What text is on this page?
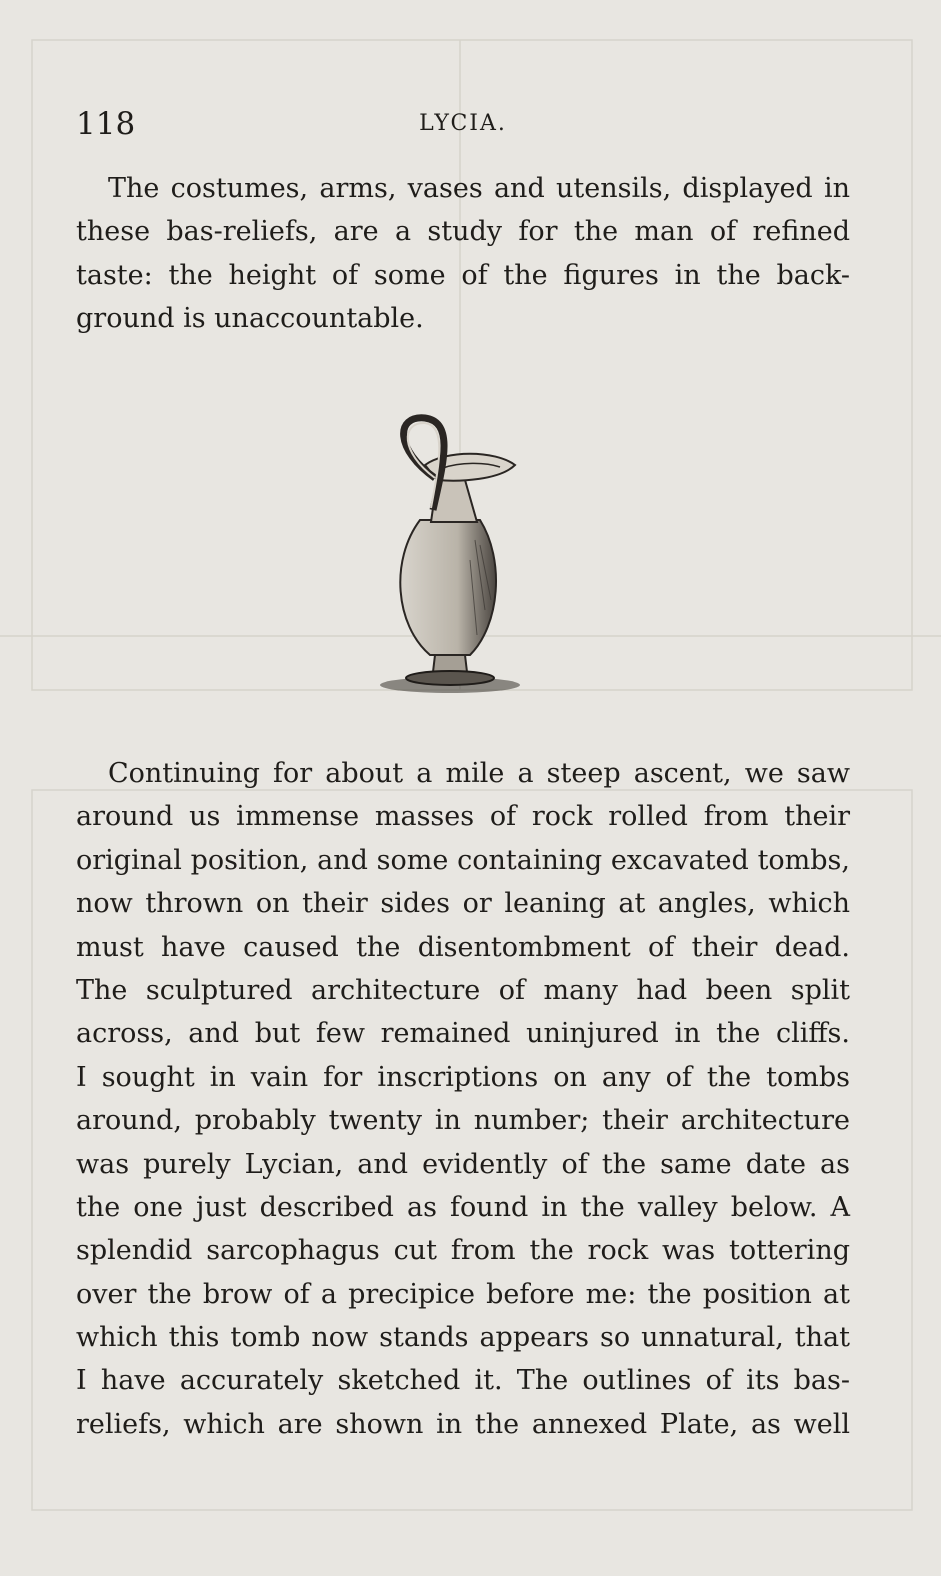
118	LYCIA.
The costumes, arms, vases and utensils, displayed in
these bas-reliefs, are a study for the man of refined
taste: the height of some of the figures in the back-
ground is unaccountable.
Continuing for about a mile a steep ascent, we saw
around us immense masses of rock rolled from their
original position, and some containing excavated tombs,
now thrown on their sides or leaning at angles, which
must have caused the disentombment of their dead.
The sculptured architecture of many had been split
across, and but few remained uninjured in the cliffs.
I sought in vain for inscriptions on any of the tombs
around, probably twenty in number; their architecture
was purely Lycian, and evidently of the same date as
the one just described as found in the valley below. A
splendid sarcophagus cut from the rock was tottering
over the brow of a precipice before me: the position at
which this tomb now stands appears so unnatural, that
I have accurately sketched it. The outlines of its bas-
reliefs, which are shown in the annexed Plate, as well
